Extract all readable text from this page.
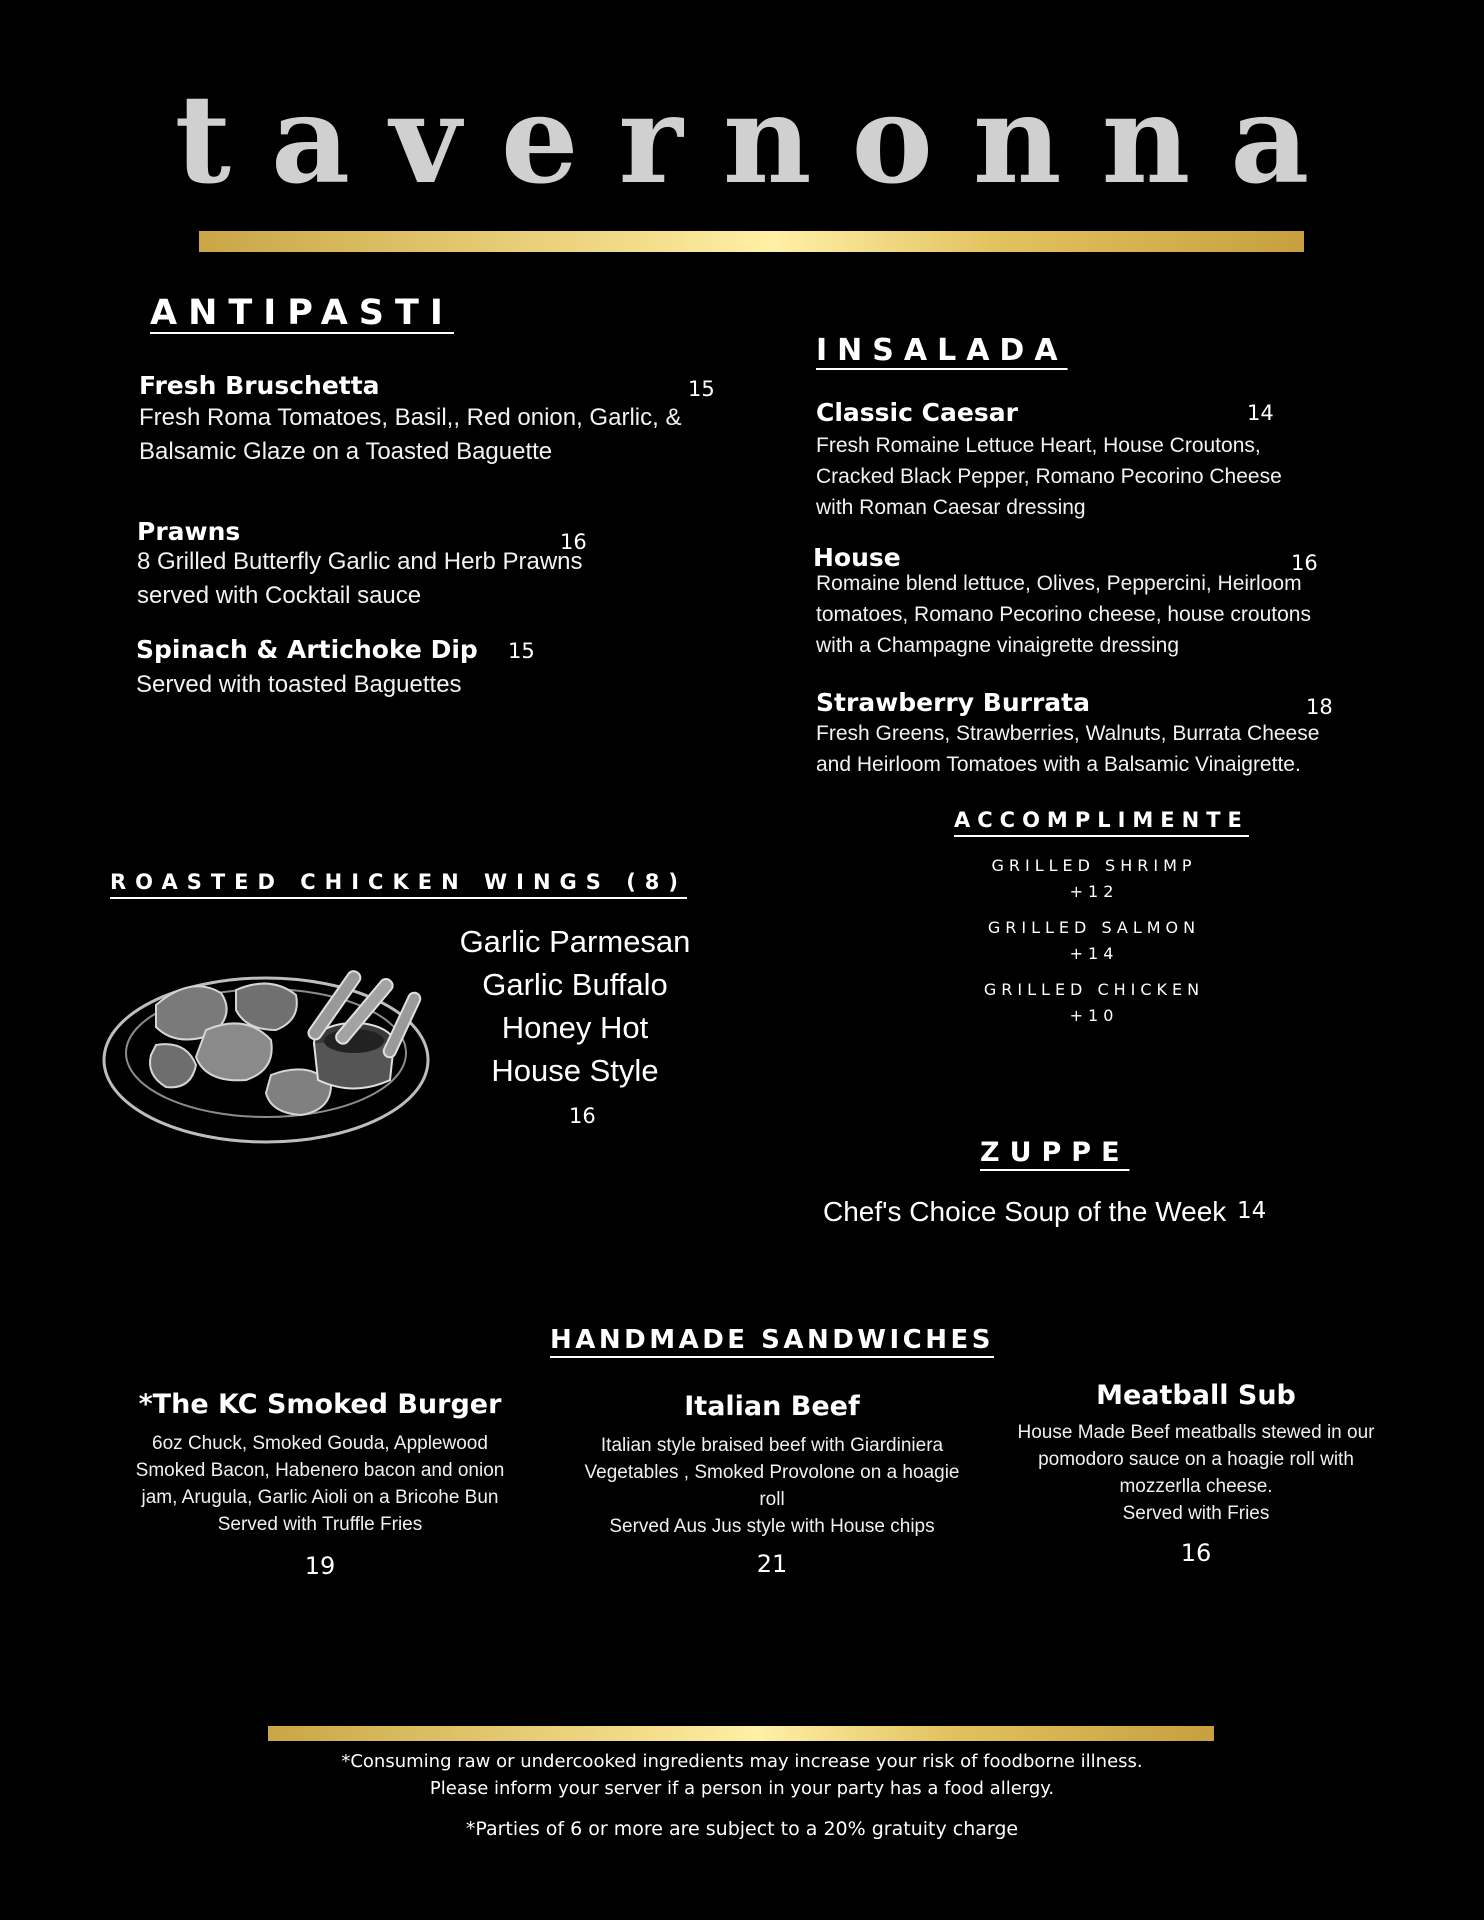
tavernonna
ANTIPASTI
Fresh Bruschetta	15
Fresh Roma Tomatoes, Basil,, Red onion, Garlic, &
Balsamic Glaze on a Toasted Baguette
Prawns	16
8 Grilled Butterfly Garlic and Herb Prawns
served with Cocktail sauce
Spinach & Artichoke Dip 15
Served with toasted Baguettes
INSALADA
Classic Caesar	14
Fresh Romaine Lettuce Heart, House Croutons,
Cracked Black Pepper, Romano Pecorino Cheese
with Roman Caesar dressing
House	16
Romaine blend lettuce, Olives, Peppercini, Heirloom
tomatoes, Romano Pecorino cheese, house croutons
with a Champagne vinaigrette dressing
Strawberry Burrata	18
Fresh Greens, Strawberries, Walnuts, Burrata Cheese
and Heirloom Tomatoes with a Balsamic Vinaigrette.
ACCOMPLIMENTE
GRILLED SHRIMP
+12
GRILLED SALMON
+14
GRILLED CHICKEN
+10
ROASTED CHICKEN WINGS (8)
Garlic Parmesan
Garlic Buffalo
Honey Hot
House Style
16
ZUPPE
Chef's Choice Soup of the Week 14
HANDMADE SANDWICHES
*The KC Smoked Burger
6oz Chuck, Smoked Gouda, Applewood
Smoked Bacon, Habenero bacon and onion
jam, Arugula, Garlic Aioli on a Bricohe Bun
Served with Truffle Fries
19
Italian Beef
Italian style braised beef with Giardiniera
Vegetables , Smoked Provolone on a hoagie
roll
Served Aus Jus style with House chips
21
Meatball Sub
House Made Beef meatballs stewed in our
pomodoro sauce on a hoagie roll with
mozzerlla cheese.
Served with Fries
16
*Consuming raw or undercooked ingredients may increase your risk of foodborne illness.
Please inform your server if a person in your party has a food allergy.
*Parties of 6 or more are subject to a 20% gratuity charge
